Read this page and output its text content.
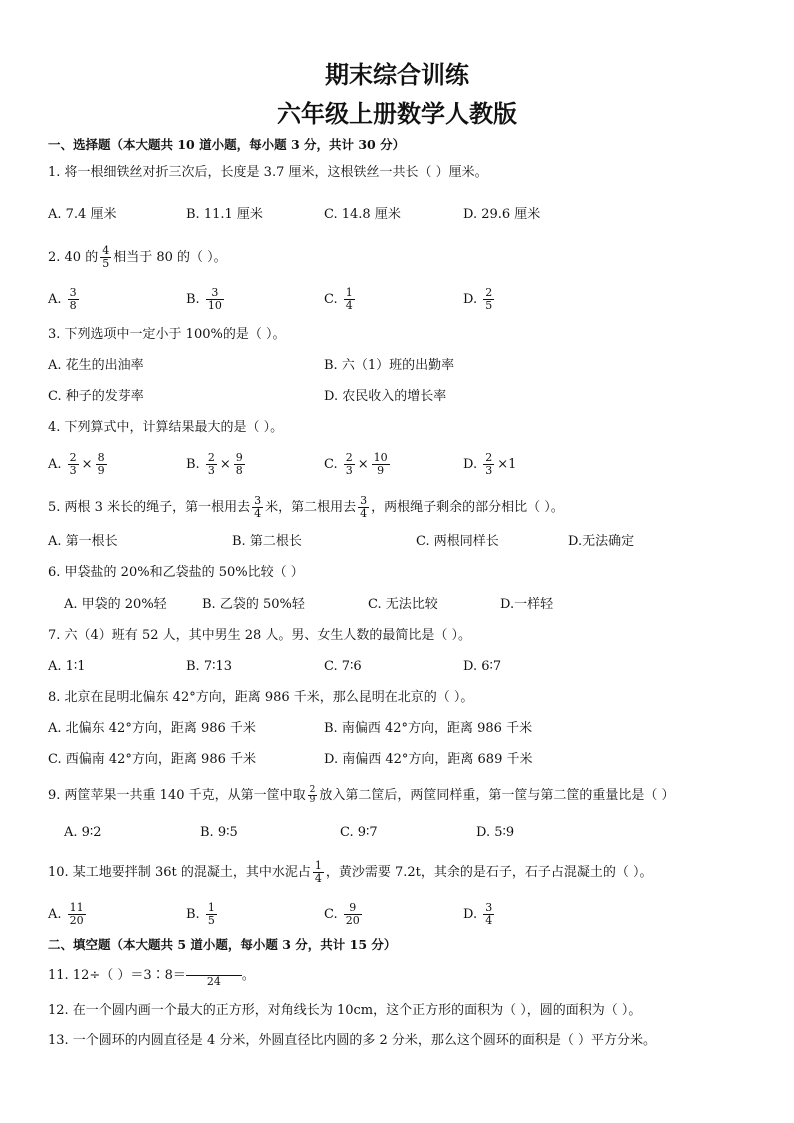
期末综合训练
六年级上册数学人教版
一、选择题（本大题共 10 道小题，每小题 3 分，共计 30 分）
1. 将一根细铁丝对折三次后，长度是 3.7 厘米，这根铁丝一共长（ ）厘米。
A. 7.4 厘米	B. 11.1 厘米	C. 14.8 厘米	D. 29.6 厘米
2. 40 的 $\frac{4}{5}$ 相当于 80 的（ ）。
A. $\frac{3}{8}$	B. $\frac{3}{10}$	C. $\frac{1}{4}$	D. $\frac{2}{5}$
3. 下列选项中一定小于 100%的是（ ）。
A. 花生的出油率	B. 六（1）班的出勤率
C. 种子的发芽率	D. 农民收入的增长率
4. 下列算式中，计算结果最大的是（ ）。
A. $\frac{2}{3} \times \frac{8}{9}$	B. $\frac{2}{3} \times \frac{9}{8}$	C. $\frac{2}{3} \times \frac{10}{9}$	D. $\frac{2}{3} \times 1$
5. 两根 3 米长的绳子，第一根用去 $\frac{3}{4}$ 米，第二根用去 $\frac{3}{4}$ ，两根绳子剩余的部分相比（ ）。
A. 第一根长	B. 第二根长	C. 两根同样长	D.无法确定
6. 甲袋盐的 20%和乙袋盐的 50%比较（ ）
A. 甲袋的 20%轻	B. 乙袋的 50%轻	C. 无法比较	D.一样轻
7. 六（4）班有 52 人，其中男生 28 人。男、女生人数的最简比是（ ）。
A. 1∶1	B. 7∶13	C. 7∶6	D. 6∶7
8. 北京在昆明北偏东 42°方向，距离 986 千米，那么昆明在北京的（ ）。
A. 北偏东 42°方向，距离 986 千米	B. 南偏西 42°方向，距离 986 千米
C. 西偏南 42°方向，距离 986 千米	D. 南偏西 42°方向，距离 689 千米
9. 两筐苹果一共重 140 千克，从第一筐中取 $\frac{2}{9}$ 放入第二筐后，两筐同样重，第一筐与第二筐的重量比是（ ）
A. 9∶2	B. 9∶5	C. 9∶7	D. 5∶9
10. 某工地要拌制 36t 的混凝土，其中水泥占 $\frac{1}{4}$ ，黄沙需要 7.2t，其余的是石子，石子占混凝土的（ ）。
A. $\frac{11}{20}$	B. $\frac{1}{5}$	C. $\frac{9}{20}$	D. $\frac{3}{4}$
二、填空题（本大题共 5 道小题，每小题 3 分，共计 15 分）
11. 12÷（ ）＝3∶8＝	24	。
12. 在一个圆内画一个最大的正方形，对角线长为 10cm，这个正方形的面积为（ ），圆的面积为（ ）。
13. 一个圆环的内圆直径是 4 分米，外圆直径比内圆的多 2 分米，那么这个圆环的面积是（ ）平方分米。
